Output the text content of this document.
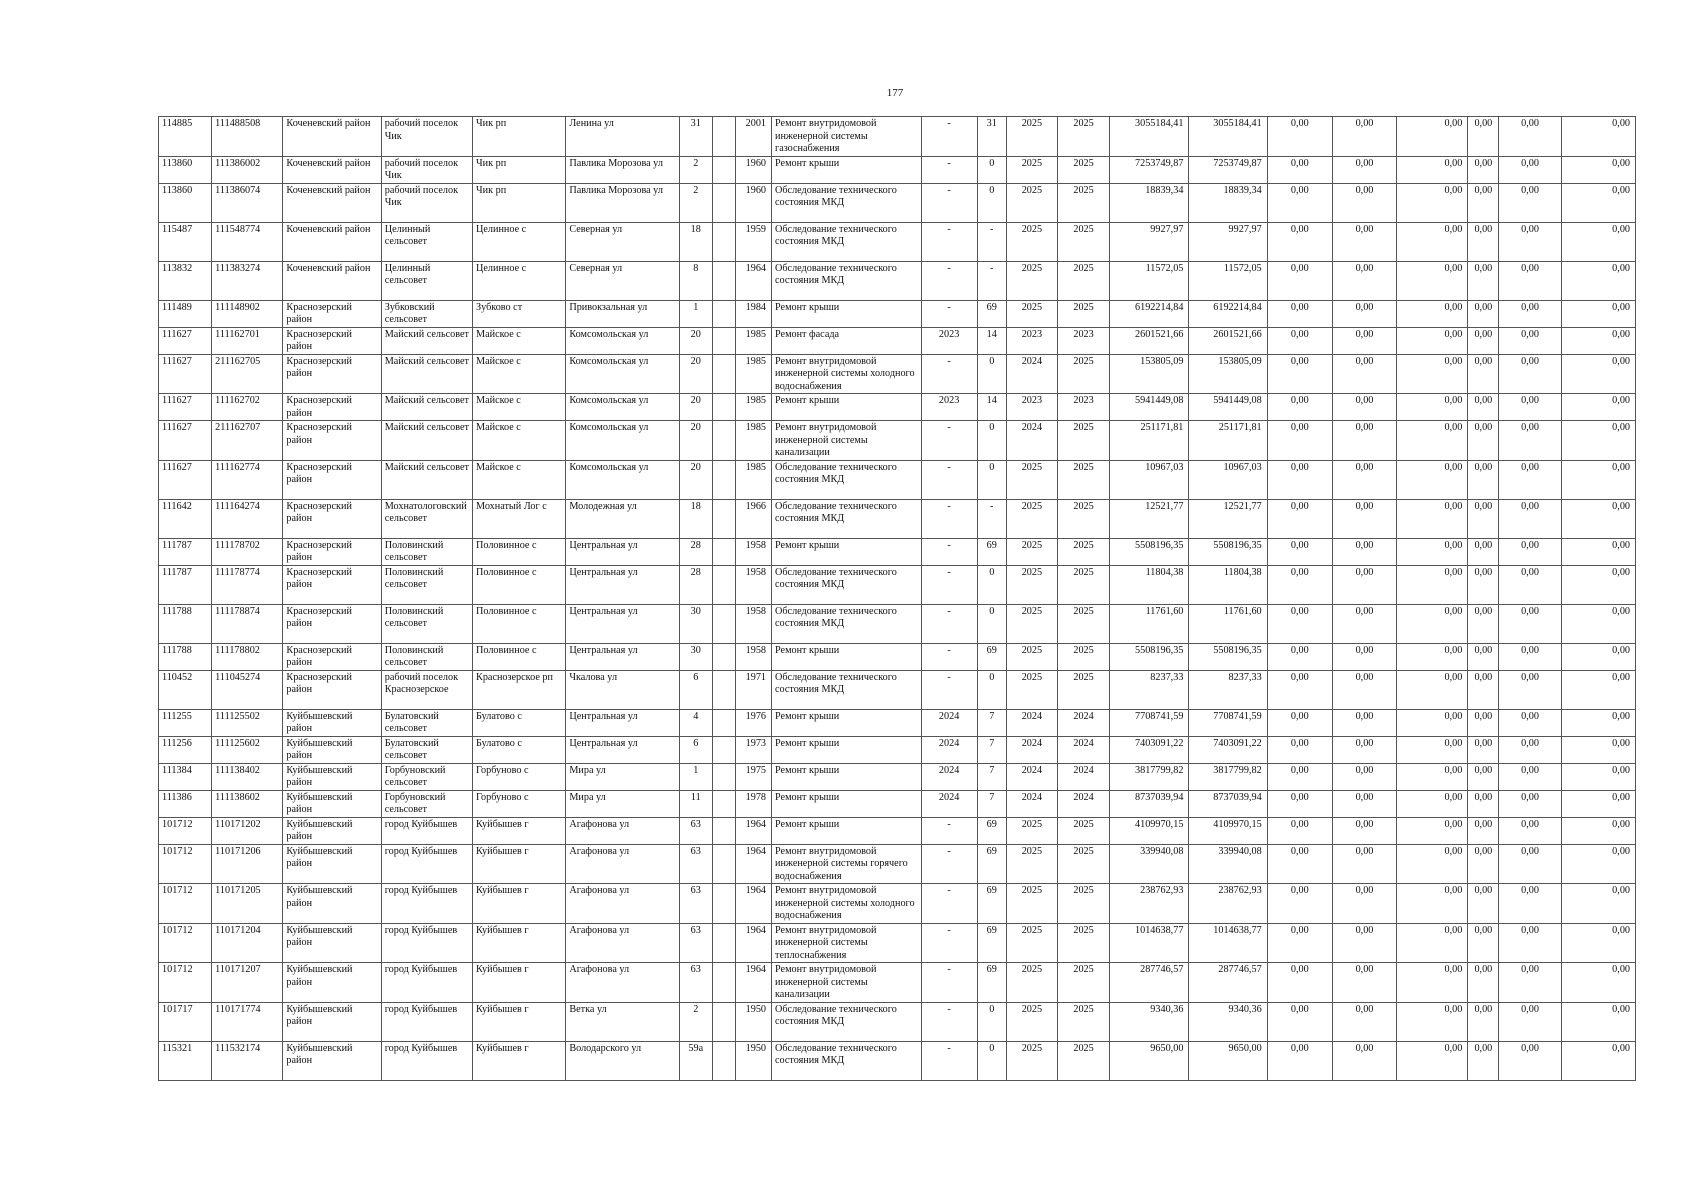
177
114885	111488508	Коченевский район	рабочий поселок Чик	Чик рп	Ленина ул	31		2001	Ремонт внутридомовой инженерной системы газоснабжения	-	31	2025	2025	3055184,41	3055184,41	0,00	0,00	0,00	0,00	0,00	0,00
113860	111386002	Коченевский район	рабочий поселок Чик	Чик рп	Павлика Морозова ул	2		1960	Ремонт крыши	-	0	2025	2025	7253749,87	7253749,87	0,00	0,00	0,00	0,00	0,00	0,00
113860	111386074	Коченевский район	рабочий поселок Чик	Чик рп	Павлика Морозова ул	2		1960	Обследование технического состояния МКД	-	0	2025	2025	18839,34	18839,34	0,00	0,00	0,00	0,00	0,00	0,00
115487	111548774	Коченевский район	Целинный сельсовет	Целинное с	Северная ул	18		1959	Обследование технического состояния МКД	-	-	2025	2025	9927,97	9927,97	0,00	0,00	0,00	0,00	0,00	0,00
113832	111383274	Коченевский район	Целинный сельсовет	Целинное с	Северная ул	8		1964	Обследование технического состояния МКД	-	-	2025	2025	11572,05	11572,05	0,00	0,00	0,00	0,00	0,00	0,00
111489	111148902	Краснозерский район	Зубковский сельсовет	Зубково ст	Привокзальная ул	1		1984	Ремонт крыши	-	69	2025	2025	6192214,84	6192214,84	0,00	0,00	0,00	0,00	0,00	0,00
111627	111162701	Краснозерский район	Майский сельсовет	Майское с	Комсомольская ул	20		1985	Ремонт фасада	2023	14	2023	2023	2601521,66	2601521,66	0,00	0,00	0,00	0,00	0,00	0,00
111627	211162705	Краснозерский район	Майский сельсовет	Майское с	Комсомольская ул	20		1985	Ремонт внутридомовой инженерной системы холодного водоснабжения	-	0	2024	2025	153805,09	153805,09	0,00	0,00	0,00	0,00	0,00	0,00
111627	111162702	Краснозерский район	Майский сельсовет	Майское с	Комсомольская ул	20		1985	Ремонт крыши	2023	14	2023	2023	5941449,08	5941449,08	0,00	0,00	0,00	0,00	0,00	0,00
111627	211162707	Краснозерский район	Майский сельсовет	Майское с	Комсомольская ул	20		1985	Ремонт внутридомовой инженерной системы канализации	-	0	2024	2025	251171,81	251171,81	0,00	0,00	0,00	0,00	0,00	0,00
111627	111162774	Краснозерский район	Майский сельсовет	Майское с	Комсомольская ул	20		1985	Обследование технического состояния МКД	-	0	2025	2025	10967,03	10967,03	0,00	0,00	0,00	0,00	0,00	0,00
111642	111164274	Краснозерский район	Мохнатологовский сельсовет	Мохнатый Лог с	Молодежная ул	18		1966	Обследование технического состояния МКД	-	-	2025	2025	12521,77	12521,77	0,00	0,00	0,00	0,00	0,00	0,00
111787	111178702	Краснозерский район	Половинский сельсовет	Половинное с	Центральная ул	28		1958	Ремонт крыши	-	69	2025	2025	5508196,35	5508196,35	0,00	0,00	0,00	0,00	0,00	0,00
111787	111178774	Краснозерский район	Половинский сельсовет	Половинное с	Центральная ул	28		1958	Обследование технического состояния МКД	-	0	2025	2025	11804,38	11804,38	0,00	0,00	0,00	0,00	0,00	0,00
111788	111178874	Краснозерский район	Половинский сельсовет	Половинное с	Центральная ул	30		1958	Обследование технического состояния МКД	-	0	2025	2025	11761,60	11761,60	0,00	0,00	0,00	0,00	0,00	0,00
111788	111178802	Краснозерский район	Половинский сельсовет	Половинное с	Центральная ул	30		1958	Ремонт крыши	-	69	2025	2025	5508196,35	5508196,35	0,00	0,00	0,00	0,00	0,00	0,00
110452	111045274	Краснозерский район	рабочий поселок Краснозерское	Краснозерское рп	Чкалова ул	6		1971	Обследование технического состояния МКД	-	0	2025	2025	8237,33	8237,33	0,00	0,00	0,00	0,00	0,00	0,00
111255	111125502	Куйбышевский район	Булатовский сельсовет	Булатово с	Центральная ул	4		1976	Ремонт крыши	2024	7	2024	2024	7708741,59	7708741,59	0,00	0,00	0,00	0,00	0,00	0,00
111256	111125602	Куйбышевский район	Булатовский сельсовет	Булатово с	Центральная ул	6		1973	Ремонт крыши	2024	7	2024	2024	7403091,22	7403091,22	0,00	0,00	0,00	0,00	0,00	0,00
111384	111138402	Куйбышевский район	Горбуновский сельсовет	Горбуново с	Мира ул	1		1975	Ремонт крыши	2024	7	2024	2024	3817799,82	3817799,82	0,00	0,00	0,00	0,00	0,00	0,00
111386	111138602	Куйбышевский район	Горбуновский сельсовет	Горбуново с	Мира ул	11		1978	Ремонт крыши	2024	7	2024	2024	8737039,94	8737039,94	0,00	0,00	0,00	0,00	0,00	0,00
101712	110171202	Куйбышевский район	город Куйбышев	Куйбышев г	Агафонова ул	63		1964	Ремонт крыши	-	69	2025	2025	4109970,15	4109970,15	0,00	0,00	0,00	0,00	0,00	0,00
101712	110171206	Куйбышевский район	город Куйбышев	Куйбышев г	Агафонова ул	63		1964	Ремонт внутридомовой инженерной системы горячего водоснабжения	-	69	2025	2025	339940,08	339940,08	0,00	0,00	0,00	0,00	0,00	0,00
101712	110171205	Куйбышевский район	город Куйбышев	Куйбышев г	Агафонова ул	63		1964	Ремонт внутридомовой инженерной системы холодного водоснабжения	-	69	2025	2025	238762,93	238762,93	0,00	0,00	0,00	0,00	0,00	0,00
101712	110171204	Куйбышевский район	город Куйбышев	Куйбышев г	Агафонова ул	63		1964	Ремонт внутридомовой инженерной системы теплоснабжения	-	69	2025	2025	1014638,77	1014638,77	0,00	0,00	0,00	0,00	0,00	0,00
101712	110171207	Куйбышевский район	город Куйбышев	Куйбышев г	Агафонова ул	63		1964	Ремонт внутридомовой инженерной системы канализации	-	69	2025	2025	287746,57	287746,57	0,00	0,00	0,00	0,00	0,00	0,00
101717	110171774	Куйбышевский район	город Куйбышев	Куйбышев г	Ветка ул	2		1950	Обследование технического состояния МКД	-	0	2025	2025	9340,36	9340,36	0,00	0,00	0,00	0,00	0,00	0,00
115321	111532174	Куйбышевский район	город Куйбышев	Куйбышев г	Володарского ул	59а		1950	Обследование технического состояния МКД	-	0	2025	2025	9650,00	9650,00	0,00	0,00	0,00	0,00	0,00	0,00
